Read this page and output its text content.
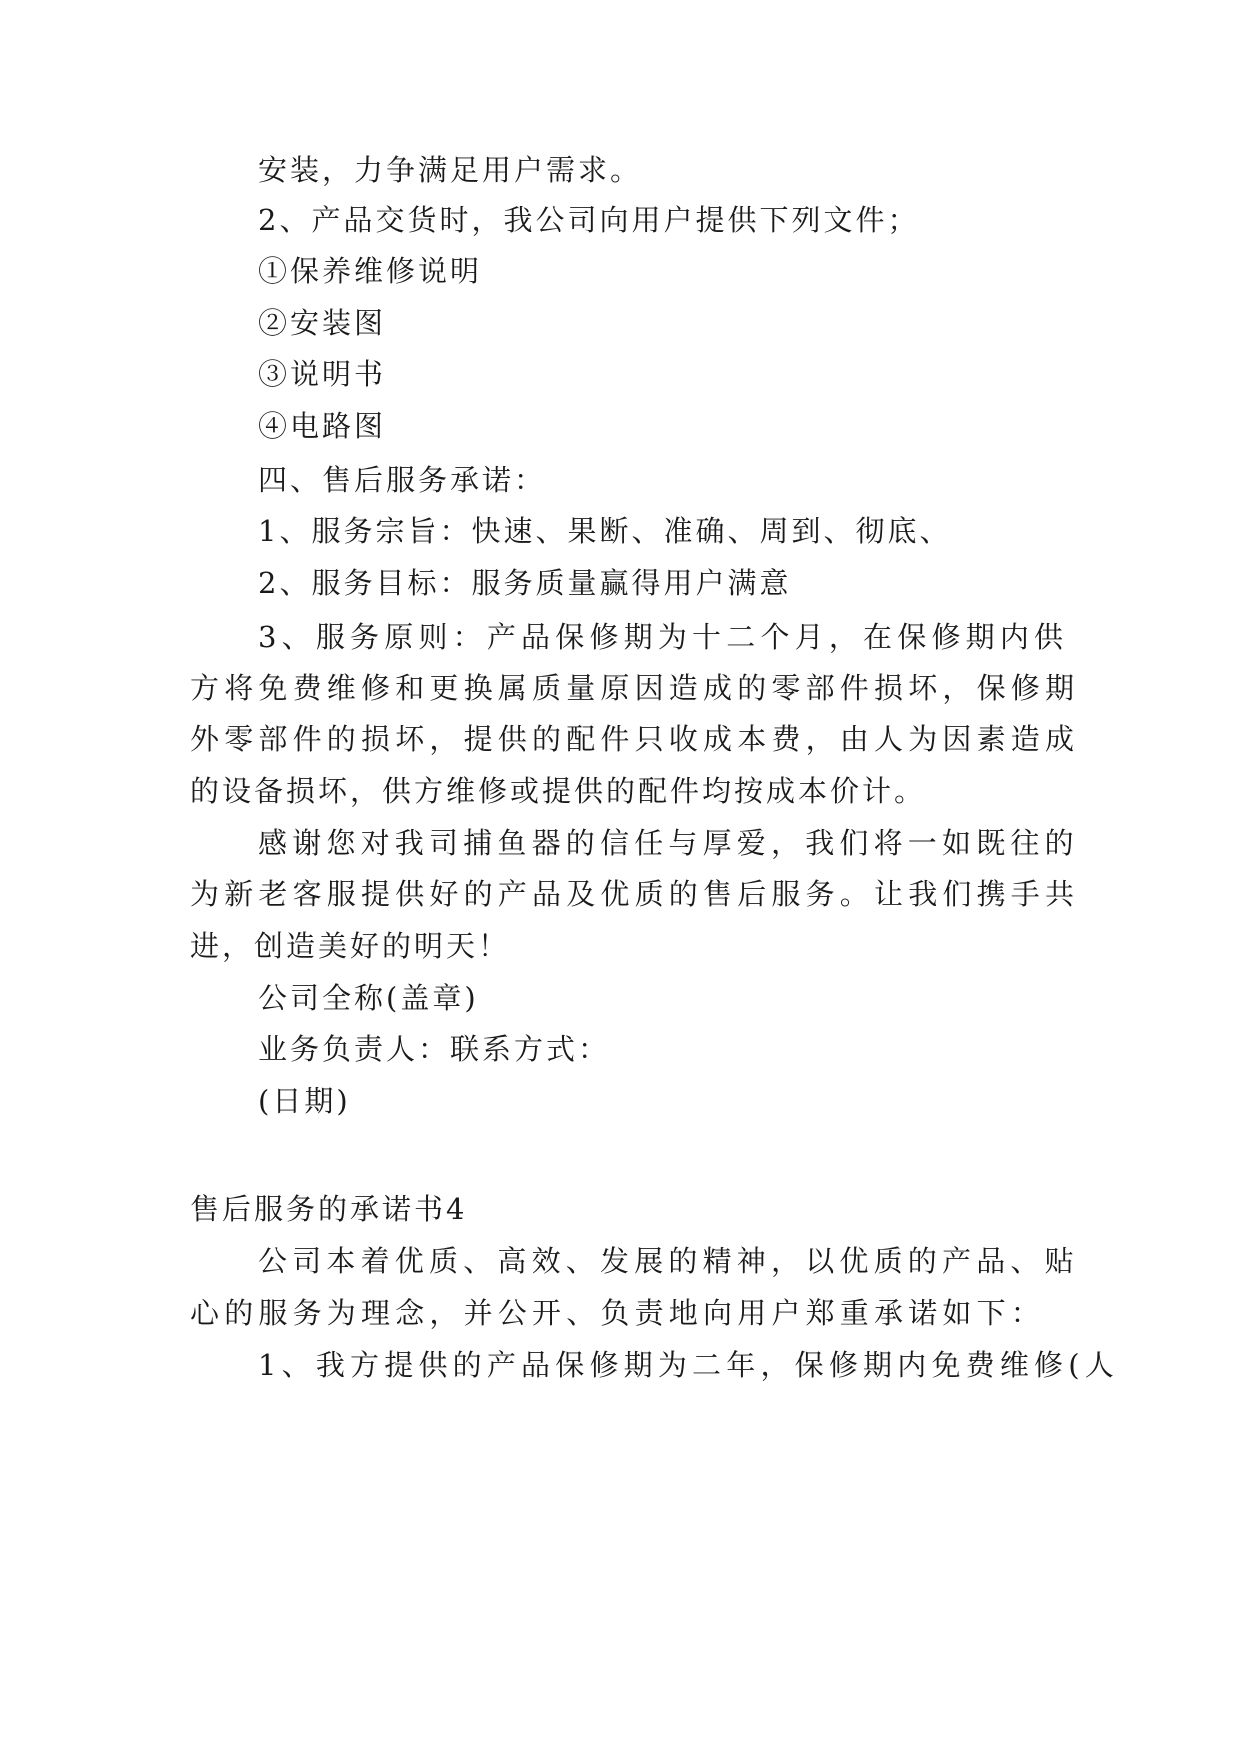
安装，力争满足用户需求。

2、产品交货时，我公司向用户提供下列文件；

①保养维修说明

②安装图

③说明书

④电路图

四、售后服务承诺：

1、服务宗旨：快速、果断、准确、周到、彻底、

2、服务目标：服务质量赢得用户满意

3、服务原则：产品保修期为十二个月，在保修期内供

方将免费维修和更换属质量原因造成的零部件损坏，保修期

外零部件的损坏，提供的配件只收成本费，由人为因素造成

的设备损坏，供方维修或提供的配件均按成本价计。

感谢您对我司捕鱼器的信任与厚爱，我们将一如既往的

为新老客服提供好的产品及优质的售后服务。让我们携手共

进，创造美好的明天！

公司全称(盖章)

业务负责人：联系方式：

(日期)

售后服务的承诺书4

公司本着优质、高效、发展的精神，以优质的产品、贴

心的服务为理念，并公开、负责地向用户郑重承诺如下：

1、我方提供的产品保修期为二年，保修期内免费维修(人
